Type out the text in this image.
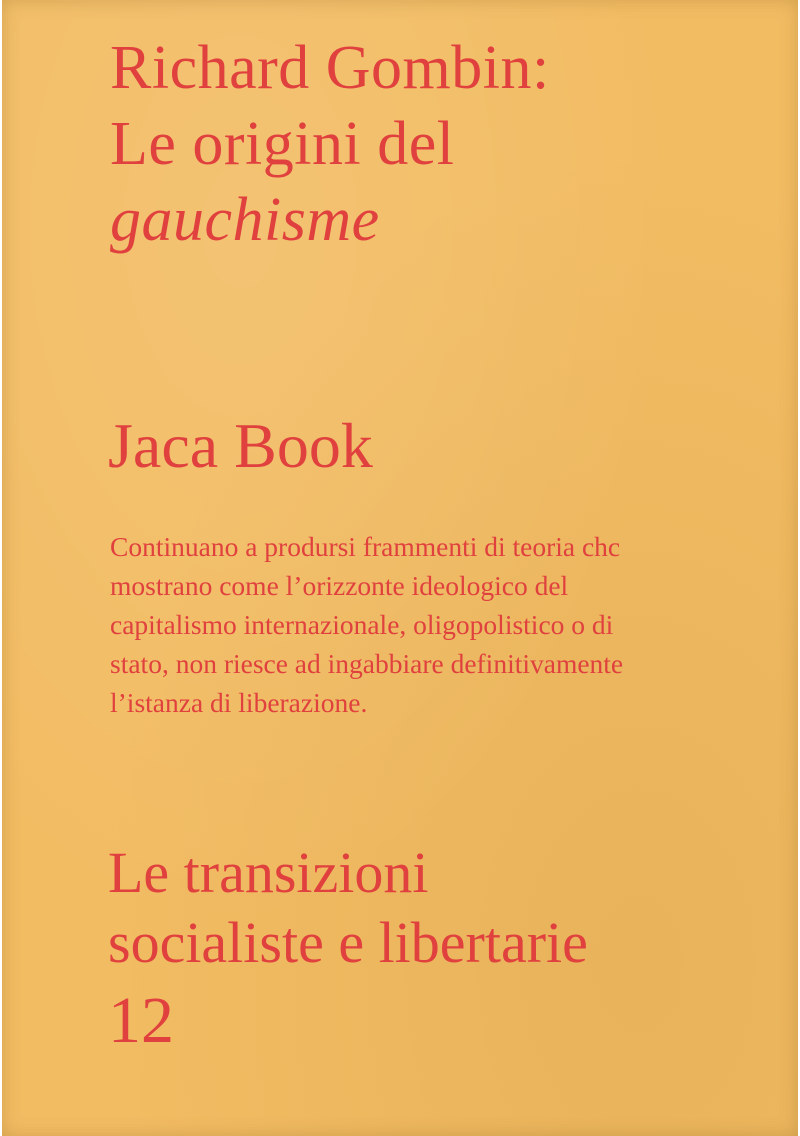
Richard Gombin:
Le origini del
gauchisme
Jaca Book
Continuano a prodursi frammenti di teoria chc
mostrano come l’orizzonte ideologico del
capitalismo internazionale, oligopolistico o di
stato, non riesce ad ingabbiare definitivamente
l’istanza di liberazione.
Le transizioni
socialiste e libertarie
12
